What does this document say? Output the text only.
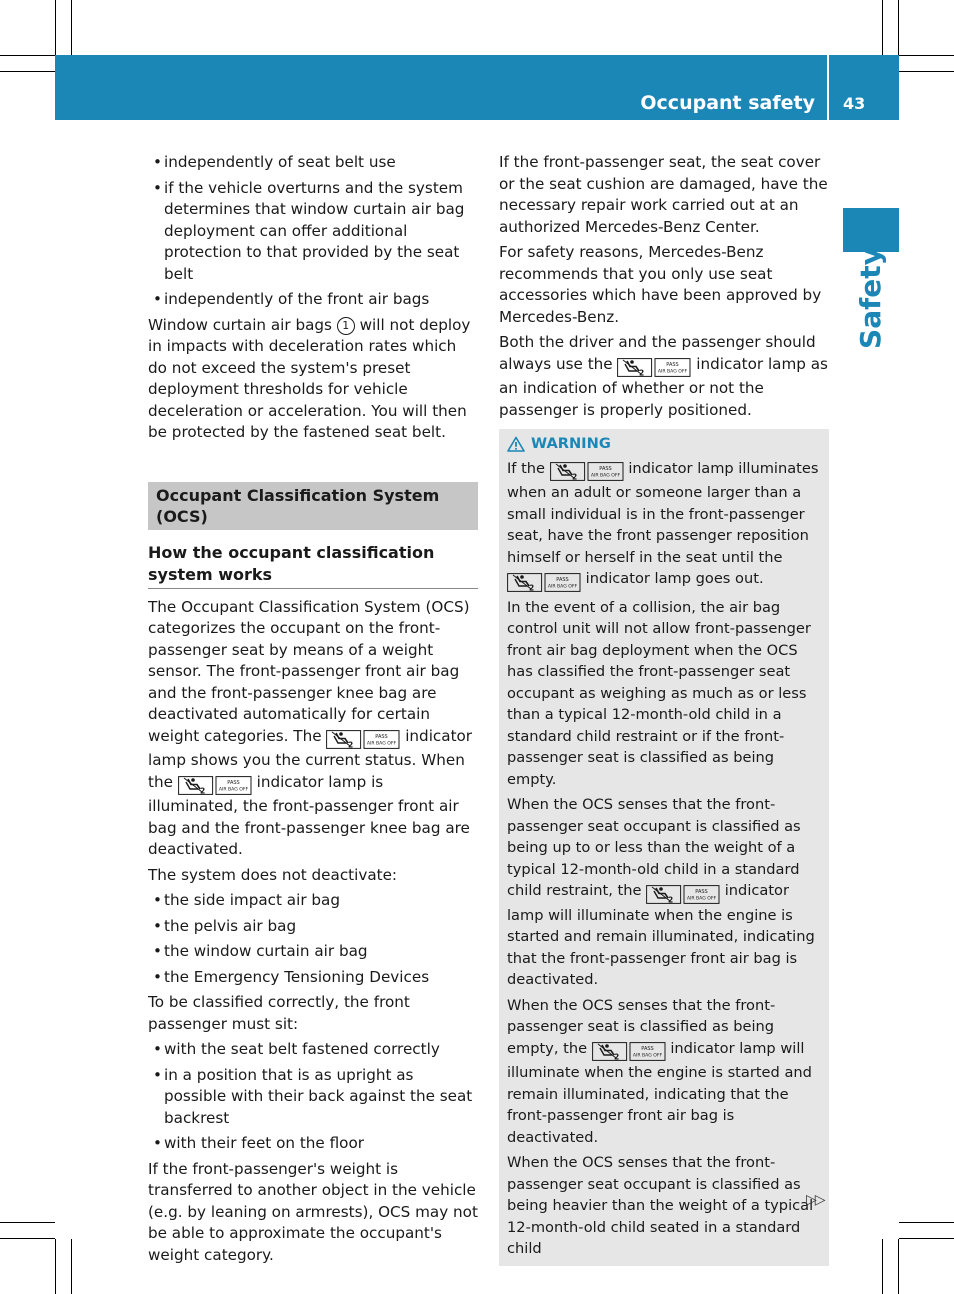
Occupant safety 43
Safety
• independently of seat belt use
• if the vehicle overturns and the system determines that window curtain air bag deployment can offer additional protection to that provided by the seat belt
• independently of the front air bags

Window curtain air bags 1 will not deploy in impacts with deceleration rates which do not exceed the system's preset deployment thresholds for vehicle deceleration or acceleration. You will then be protected by the fastened seat belt.

Occupant Classification System (OCS)
How the occupant classification system works

The Occupant Classification System (OCS) categorizes the occupant on the front-passenger seat by means of a weight sensor. The front-passenger front air bag and the front-passenger knee bag are deactivated automatically for certain weight categories. The	2
PASS
AIR BAG OFF indicator lamp shows you the current status. When the	2
PASS
AIR BAG OFF indicator lamp is illuminated, the front-passenger front air bag and the front-passenger knee bag are deactivated.

The system does not deactivate:

• the side impact air bag
• the pelvis air bag
• the window curtain air bag
• the Emergency Tensioning Devices

To be classified correctly, the front passenger must sit:

• with the seat belt fastened correctly
• in a position that is as upright as possible with their back against the seat backrest
• with their feet on the floor

If the front-passenger's weight is transferred to another object in the vehicle (e.g. by leaning on armrests), OCS may not be able to approximate the occupant's weight category.

If the front-passenger seat, the seat cover or the seat cushion are damaged, have the necessary repair work carried out at an authorized Mercedes-Benz Center.

For safety reasons, Mercedes-Benz recommends that you only use seat accessories which have been approved by Mercedes-Benz.

Both the driver and the passenger should always use the	2
PASS
AIR BAG OFF indicator lamp as an indication of whether or not the passenger is properly positioned.

WARNING

If the
2
PASS
AIR BAG OFF indicator lamp illuminates when an adult or someone larger than a small individual is in the front-passenger seat, have the front passenger reposition himself or herself in the seat until the
2
PASS
AIR BAG OFF indicator lamp goes out.

In the event of a collision, the air bag control unit will not allow front-passenger front air bag deployment when the OCS has classified the front-passenger seat occupant as weighing as much as or less than a typical 12-month-old child in a standard child restraint or if the front-passenger seat is classified as being empty.

When the OCS senses that the front-passenger seat occupant is classified as being up to or less than the weight of a typical 12-month-old child in a standard child restraint, the
2
PASS
AIR BAG OFF indicator lamp will illuminate when the engine is started and remain illuminated, indicating that the front-passenger front air bag is deactivated.

When the OCS senses that the front-passenger seat is classified as being empty, the
2
PASS
AIR BAG OFF indicator lamp will illuminate when the engine is started and remain illuminated, indicating that the front-passenger front air bag is deactivated.

When the OCS senses that the front-passenger seat occupant is classified as being heavier than the weight of a typical 12-month-old child seated in a standard child

▷▷
